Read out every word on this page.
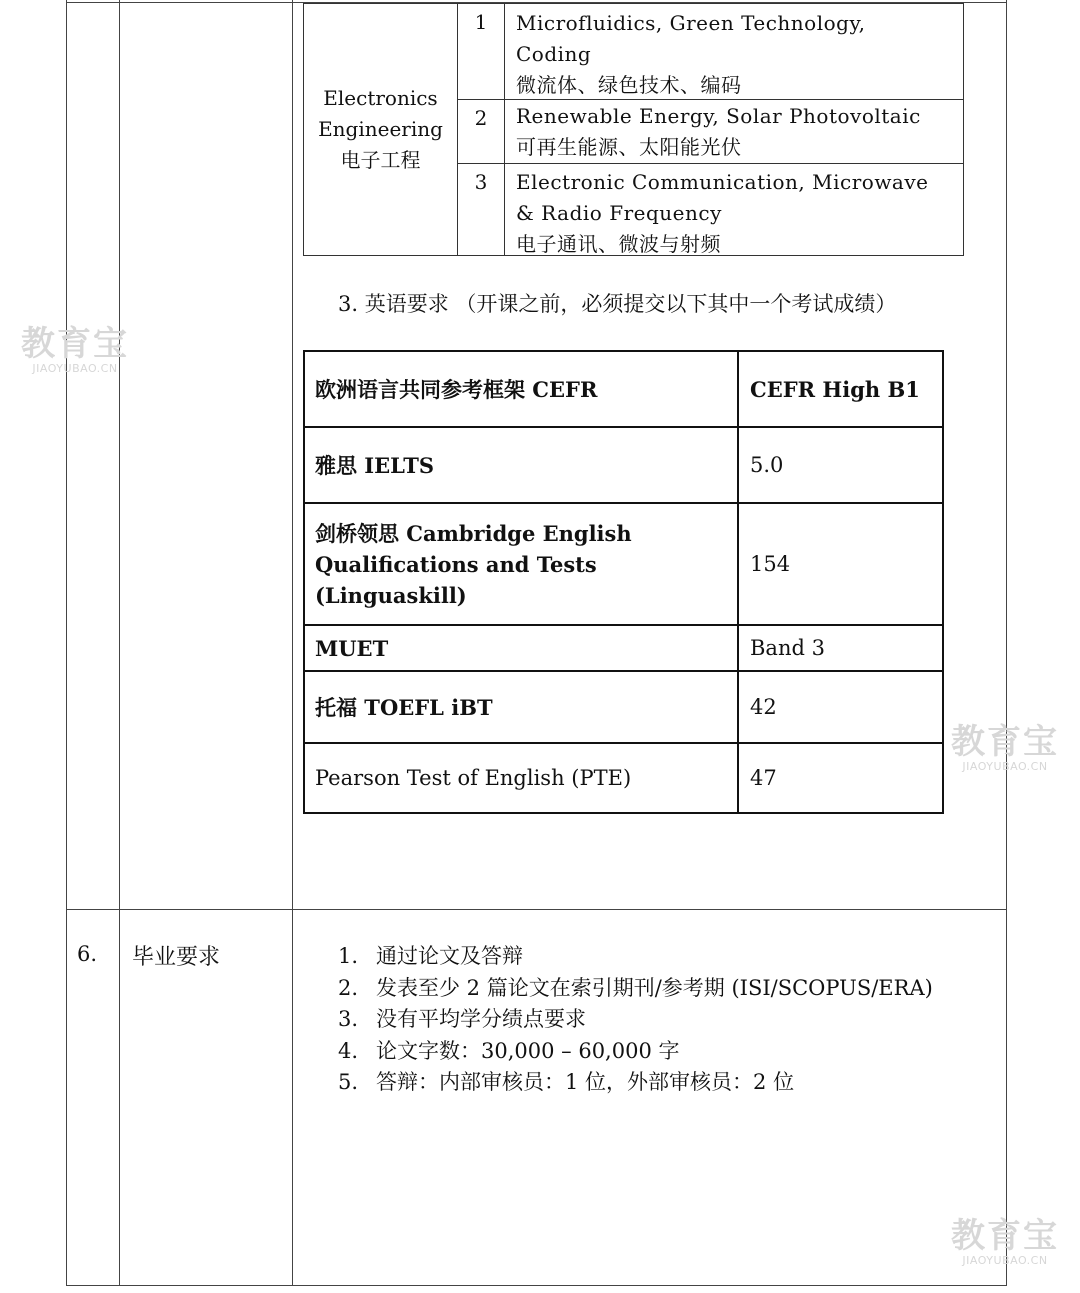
Electronics
Engineering
电子工程
1	Microfluidics, Green Technology,
Coding
微流体、绿色技术、编码
2	Renewable Energy, Solar Photovoltaic
可再生能源、太阳能光伏
3	Electronic Communication, Microwave
& Radio Frequency
电子通讯、微波与射频
3. 英语要求 （开课之前，必须提交以下其中一个考试成绩）
欧洲语言共同参考框架 CEFR	CEFR High B1
雅思 IELTS	5.0
剑桥领思 Cambridge English
Qualifications and Tests
(Linguaskill)
154
MUET	Band 3
托福 TOEFL iBT	42
Pearson Test of English (PTE)	47
6. 毕业要求	1. 通过论文及答辩
2. 发表至少 2 篇论文在索引期刊/参考期 (ISI/SCOPUS/ERA)
3. 没有平均学分绩点要求
4. 论文字数：30,000 – 60,000 字
5. 答辩：内部审核员：1 位，外部审核员：2 位
教育宝
JIAOYUBAO.CN
教育宝
JIAOYUBAO.CN
教育宝
JIAOYUBAO.CN
